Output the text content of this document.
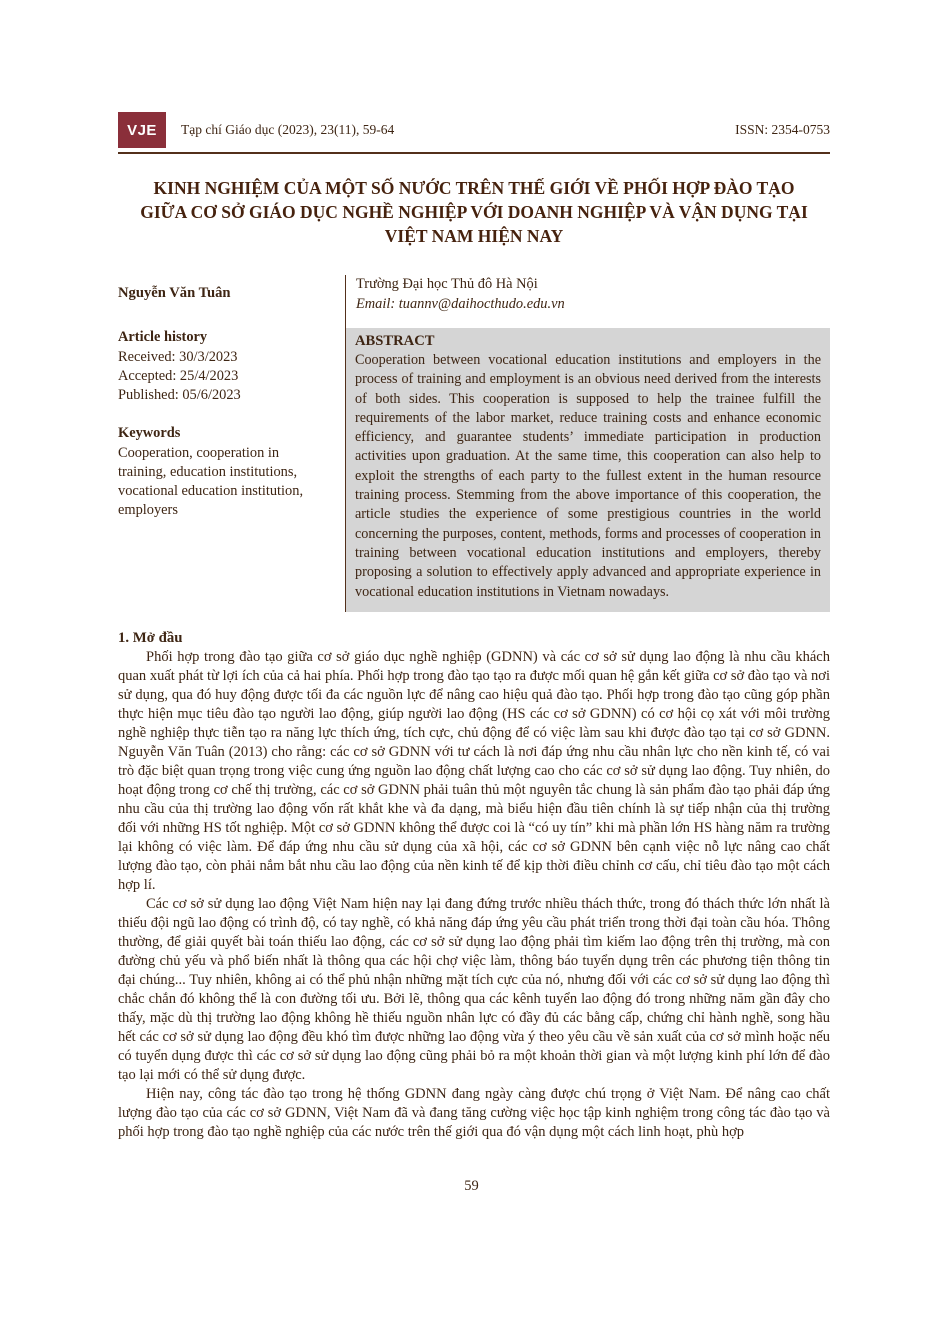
VJE	Tạp chí Giáo dục (2023), 23(11), 59-64	ISSN: 2354-0753
KINH NGHIỆM CỦA MỘT SỐ NƯỚC TRÊN THẾ GIỚI VỀ PHỐI HỢP ĐÀO TẠO GIỮA CƠ SỞ GIÁO DỤC NGHỀ NGHIỆP VỚI DOANH NGHIỆP VÀ VẬN DỤNG TẠI VIỆT NAM HIỆN NAY
Nguyễn Văn Tuân
Trường Đại học Thủ đô Hà Nội
Email: tuannv@daihocthudo.edu.vn
Article history
Received: 30/3/2023
Accepted: 25/4/2023
Published: 05/6/2023
Keywords
Cooperation, cooperation in training, education institutions, vocational education institution, employers
ABSTRACT
Cooperation between vocational education institutions and employers in the process of training and employment is an obvious need derived from the interests of both sides. This cooperation is supposed to help the trainee fulfill the requirements of the labor market, reduce training costs and enhance economic efficiency, and guarantee students’ immediate participation in production activities upon graduation. At the same time, this cooperation can also help to exploit the strengths of each party to the fullest extent in the human resource training process. Stemming from the above importance of this cooperation, the article studies the experience of some prestigious countries in the world concerning the purposes, content, methods, forms and processes of cooperation in training between vocational education institutions and employers, thereby proposing a solution to effectively apply advanced and appropriate experience in vocational education institutions in Vietnam nowadays.
1. Mở đầu
Phối hợp trong đào tạo giữa cơ sở giáo dục nghề nghiệp (GDNN) và các cơ sở sử dụng lao động là nhu cầu khách quan xuất phát từ lợi ích của cả hai phía. Phối hợp trong đào tạo tạo ra được mối quan hệ gắn kết giữa cơ sở đào tạo và nơi sử dụng, qua đó huy động được tối đa các nguồn lực để nâng cao hiệu quả đào tạo. Phối hợp trong đào tạo cũng góp phần thực hiện mục tiêu đào tạo người lao động, giúp người lao động (HS các cơ sở GDNN) có cơ hội cọ xát với môi trường nghề nghiệp thực tiễn tạo ra năng lực thích ứng, tích cực, chủ động để có việc làm sau khi được đào tạo tại cơ sở GDNN. Nguyễn Văn Tuân (2013) cho rằng: các cơ sở GDNN với tư cách là nơi đáp ứng nhu cầu nhân lực cho nền kinh tế, có vai trò đặc biệt quan trọng trong việc cung ứng nguồn lao động chất lượng cao cho các cơ sở sử dụng lao động. Tuy nhiên, do hoạt động trong cơ chế thị trường, các cơ sở GDNN phải tuân thủ một nguyên tắc chung là sản phẩm đào tạo phải đáp ứng nhu cầu của thị trường lao động vốn rất khắt khe và đa dạng, mà biểu hiện đầu tiên chính là sự tiếp nhận của thị trường đối với những HS tốt nghiệp. Một cơ sở GDNN không thể được coi là “có uy tín” khi mà phần lớn HS hàng năm ra trường lại không có việc làm. Để đáp ứng nhu cầu sử dụng của xã hội, các cơ sở GDNN bên cạnh việc nỗ lực nâng cao chất lượng đào tạo, còn phải nắm bắt nhu cầu lao động của nền kinh tế để kịp thời điều chỉnh cơ cấu, chỉ tiêu đào tạo một cách hợp lí.
Các cơ sở sử dụng lao động Việt Nam hiện nay lại đang đứng trước nhiều thách thức, trong đó thách thức lớn nhất là thiếu đội ngũ lao động có trình độ, có tay nghề, có khả năng đáp ứng yêu cầu phát triển trong thời đại toàn cầu hóa. Thông thường, để giải quyết bài toán thiếu lao động, các cơ sở sử dụng lao động phải tìm kiếm lao động trên thị trường, mà con đường chủ yếu và phổ biến nhất là thông qua các hội chợ việc làm, thông báo tuyển dụng trên các phương tiện thông tin đại chúng... Tuy nhiên, không ai có thể phủ nhận những mặt tích cực của nó, nhưng đối với các cơ sở sử dụng lao động thì chắc chắn đó không thể là con đường tối ưu. Bởi lẽ, thông qua các kênh tuyển lao động đó trong những năm gần đây cho thấy, mặc dù thị trường lao động không hề thiếu nguồn nhân lực có đầy đủ các bằng cấp, chứng chỉ hành nghề, song hầu hết các cơ sở sử dụng lao động đều khó tìm được những lao động vừa ý theo yêu cầu về sản xuất của cơ sở mình hoặc nếu có tuyển dụng được thì các cơ sở sử dụng lao động cũng phải bỏ ra một khoản thời gian và một lượng kinh phí lớn để đào tạo lại mới có thể sử dụng được.
Hiện nay, công tác đào tạo trong hệ thống GDNN đang ngày càng được chú trọng ở Việt Nam. Để nâng cao chất lượng đào tạo của các cơ sở GDNN, Việt Nam đã và đang tăng cường việc học tập kinh nghiệm trong công tác đào tạo và phối hợp trong đào tạo nghề nghiệp của các nước trên thế giới qua đó vận dụng một cách linh hoạt, phù hợp
59
